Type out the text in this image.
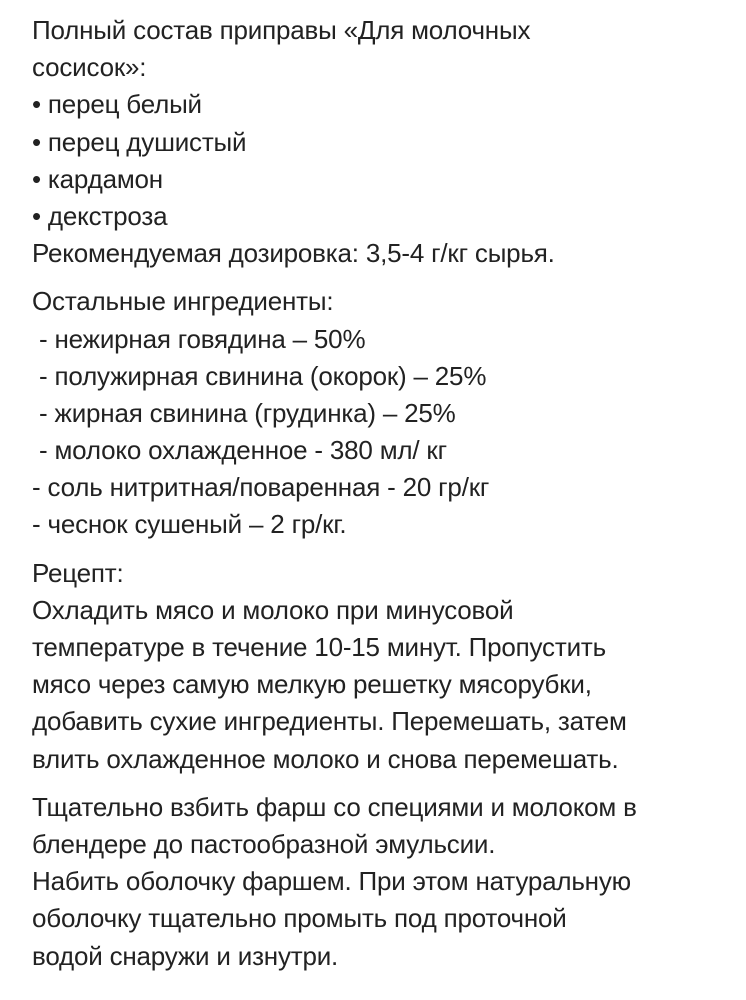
Полный состав приправы «Для молочных
сосисок»:
• перец белый
• перец душистый
• кардамон
• декстроза
Рекомендуемая дозировка: 3,5-4 г/кг сырья.
Остальные ингредиенты:
- нежирная говядина – 50%
- полужирная свинина (окорок) – 25%
- жирная свинина (грудинка) – 25%
- молоко охлажденное - 380 мл/ кг
- соль нитритная/поваренная - 20 гр/кг
- чеснок сушеный – 2 гр/кг.
Рецепт:
Охладить мясо и молоко при минусовой
температуре в течение 10-15 минут. Пропустить
мясо через самую мелкую решетку мясорубки,
добавить сухие ингредиенты. Перемешать, затем
влить охлажденное молоко и снова перемешать.
Тщательно взбить фарш со специями и молоком в
блендере до пастообразной эмульсии.
Набить оболочку фаршем. При этом натуральную
оболочку тщательно промыть под проточной
водой снаружи и изнутри.
